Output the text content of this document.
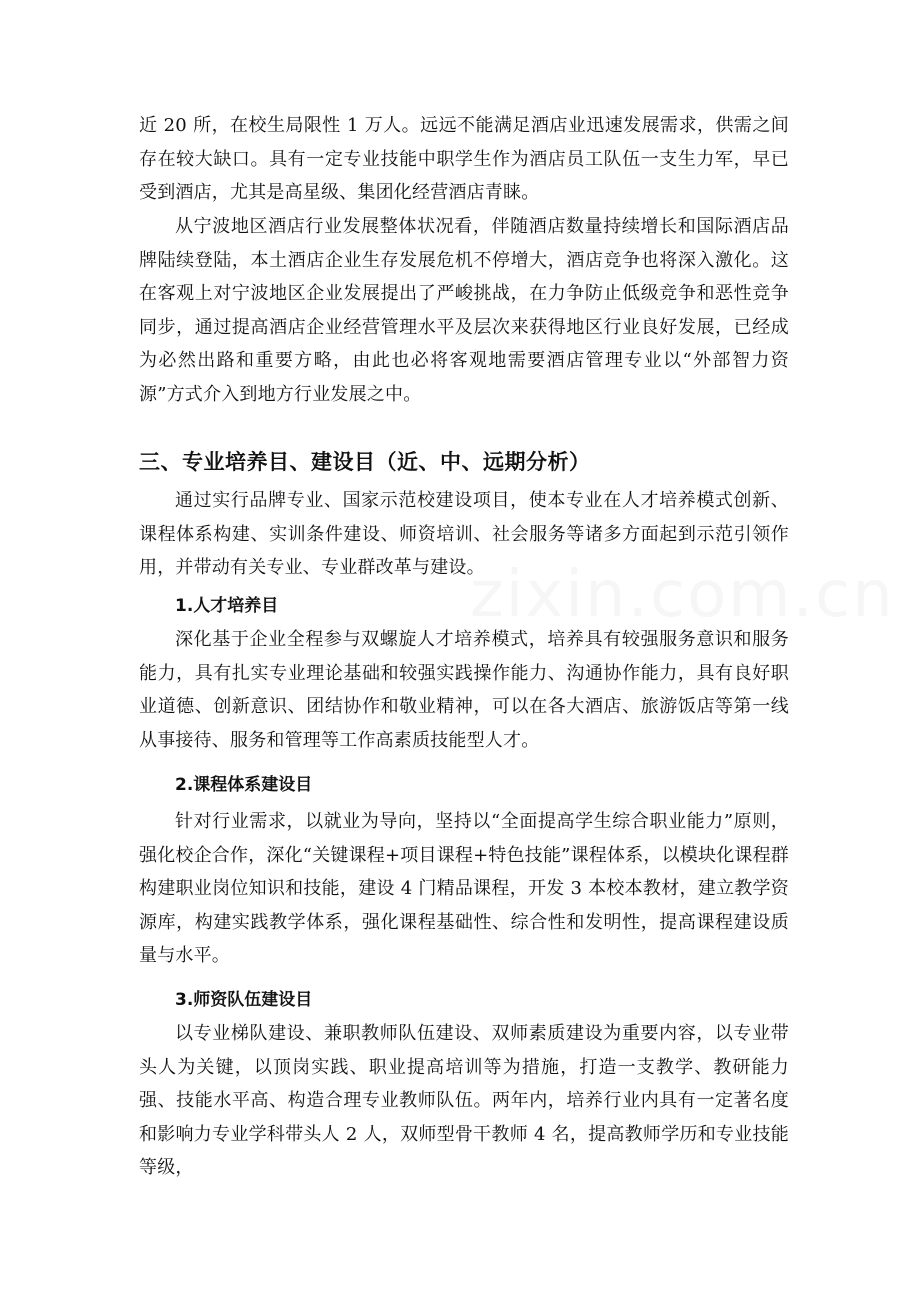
近 20 所，在校生局限性 1 万人。远远不能满足酒店业迅速发展需求，供需之间存在较大缺口。具有一定专业技能中职学生作为酒店员工队伍一支生力军，早已受到酒店，尤其是高星级、集团化经营酒店青睐。

从宁波地区酒店行业发展整体状况看，伴随酒店数量持续增长和国际酒店品牌陆续登陆，本土酒店企业生存发展危机不停增大，酒店竞争也将深入激化。这在客观上对宁波地区企业发展提出了严峻挑战，在力争防止低级竞争和恶性竞争同步，通过提高酒店企业经营管理水平及层次来获得地区行业良好发展，已经成为必然出路和重要方略，由此也必将客观地需要酒店管理专业以“外部智力资源”方式介入到地方行业发展之中。

三、专业培养目、建设目（近、中、远期分析）

通过实行品牌专业、国家示范校建设项目，使本专业在人才培养模式创新、课程体系构建、实训条件建设、师资培训、社会服务等诸多方面起到示范引领作用，并带动有关专业、专业群改革与建设。

1.人才培养目

深化基于企业全程参与双螺旋人才培养模式，培养具有较强服务意识和服务能力，具有扎实专业理论基础和较强实践操作能力、沟通协作能力，具有良好职业道德、创新意识、团结协作和敬业精神，可以在各大酒店、旅游饭店等第一线从事接待、服务和管理等工作高素质技能型人才。

2.课程体系建设目

针对行业需求，以就业为导向，坚持以“全面提高学生综合职业能力”原则，强化校企合作，深化“关键课程+项目课程+特色技能”课程体系，以模块化课程群构建职业岗位知识和技能，建设 4 门精品课程，开发 3 本校本教材，建立教学资源库，构建实践教学体系，强化课程基础性、综合性和发明性，提高课程建设质量与水平。

3.师资队伍建设目

以专业梯队建设、兼职教师队伍建设、双师素质建设为重要内容，以专业带头人为关键，以顶岗实践、职业提高培训等为措施，打造一支教学、教研能力强、技能水平高、构造合理专业教师队伍。两年内，培养行业内具有一定著名度和影响力专业学科带头人 2 人，双师型骨干教师 4 名，提高教师学历和专业技能等级，

zixin.com.cn
